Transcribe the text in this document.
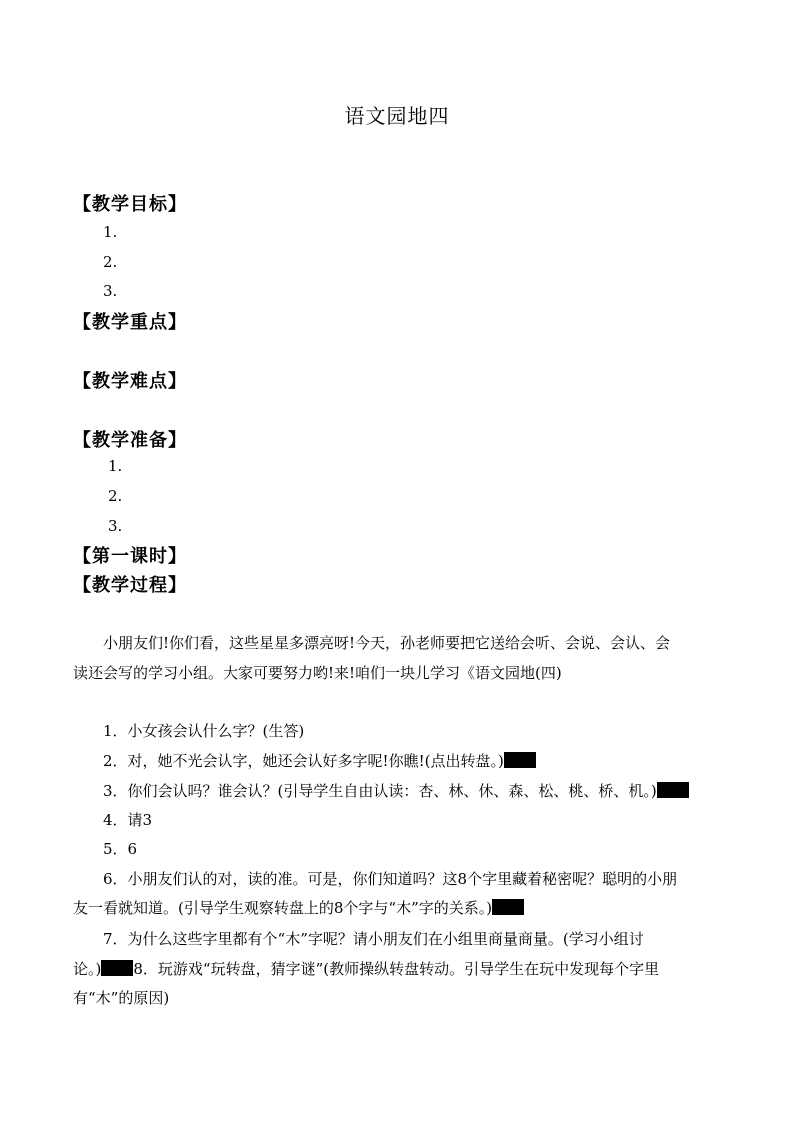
语文园地四
【教学目标】
1.
2.
3.
【教学重点】
【教学难点】
【教学准备】
1.
2.
3.
【第一课时】
【教学过程】
小朋友们!你们看，这些星星多漂亮呀!今天，孙老师要把它送给会听、会说、会认、会
读还会写的学习小组。大家可要努力哟!来!咱们一块儿学习《语文园地(四)
1．小女孩会认什么字？(生答)
2．对，她不光会认字，她还会认好多字呢!你瞧!(点出转盘。)
3．你们会认吗？谁会认？(引导学生自由认读：杏、林、休、森、松、桃、桥、机。)
4．请3
5．6
6．小朋友们认的对，读的准。可是，你们知道吗？这8个字里藏着秘密呢？聪明的小朋
友一看就知道。(引导学生观察转盘上的8个字与“木”字的关系。)
7．为什么这些字里都有个“木”字呢？请小朋友们在小组里商量商量。(学习小组讨
论。) 8．玩游戏“玩转盘，猜字谜”(教师操纵转盘转动。引导学生在玩中发现每个字里
有“木”的原因)
